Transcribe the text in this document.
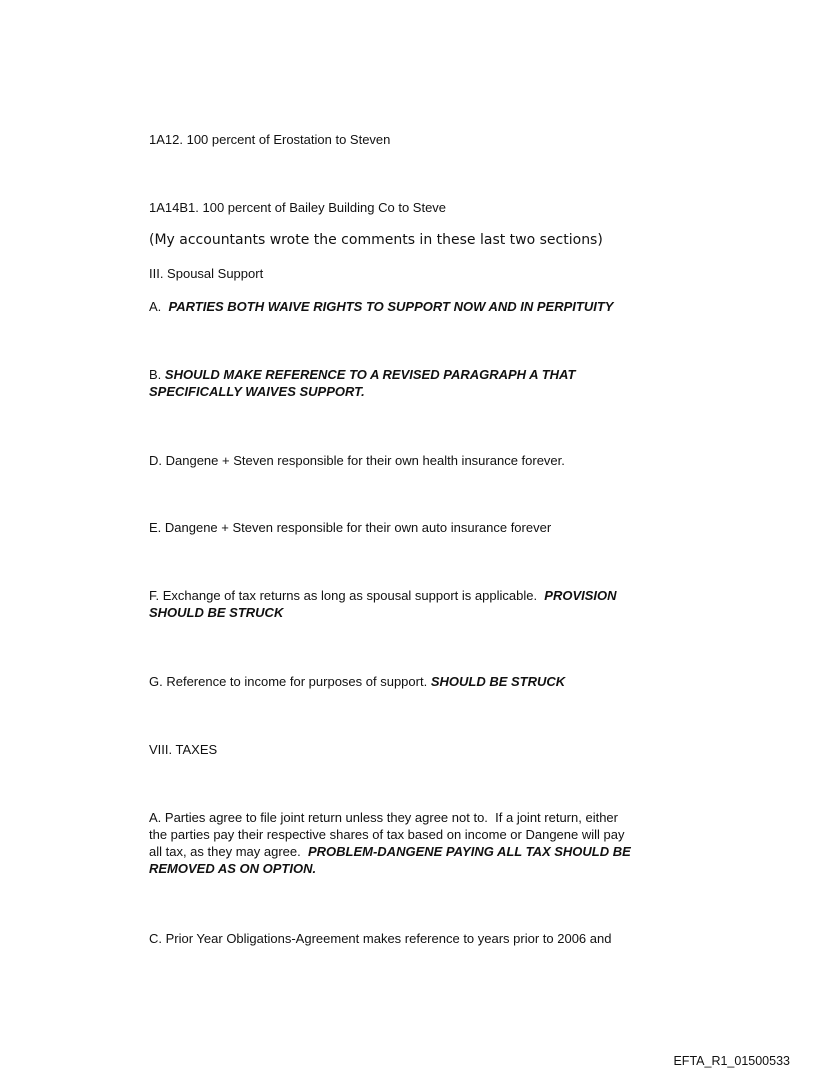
1A12. 100 percent of Erostation to Steven
1A14B1. 100 percent of Bailey Building Co to Steve
(My accountants wrote the comments in these last two sections)
III. Spousal Support
A.  PARTIES BOTH WAIVE RIGHTS TO SUPPORT NOW AND IN PERPITUITY
B. SHOULD MAKE REFERENCE TO A REVISED PARAGRAPH A THAT SPECIFICALLY WAIVES SUPPORT.
D. Dangene + Steven responsible for their own health insurance forever.
E. Dangene + Steven responsible for their own auto insurance forever
F. Exchange of tax returns as long as spousal support is applicable.  PROVISION SHOULD BE STRUCK
G. Reference to income for purposes of support. SHOULD BE STRUCK
VIII. TAXES
A. Parties agree to file joint return unless they agree not to.  If a joint return, either the parties pay their respective shares of tax based on income or Dangene will pay all tax, as they may agree.  PROBLEM-DANGENE PAYING ALL TAX SHOULD BE REMOVED AS ON OPTION.
C. Prior Year Obligations-Agreement makes reference to years prior to 2006 and
EFTA_R1_01500533
